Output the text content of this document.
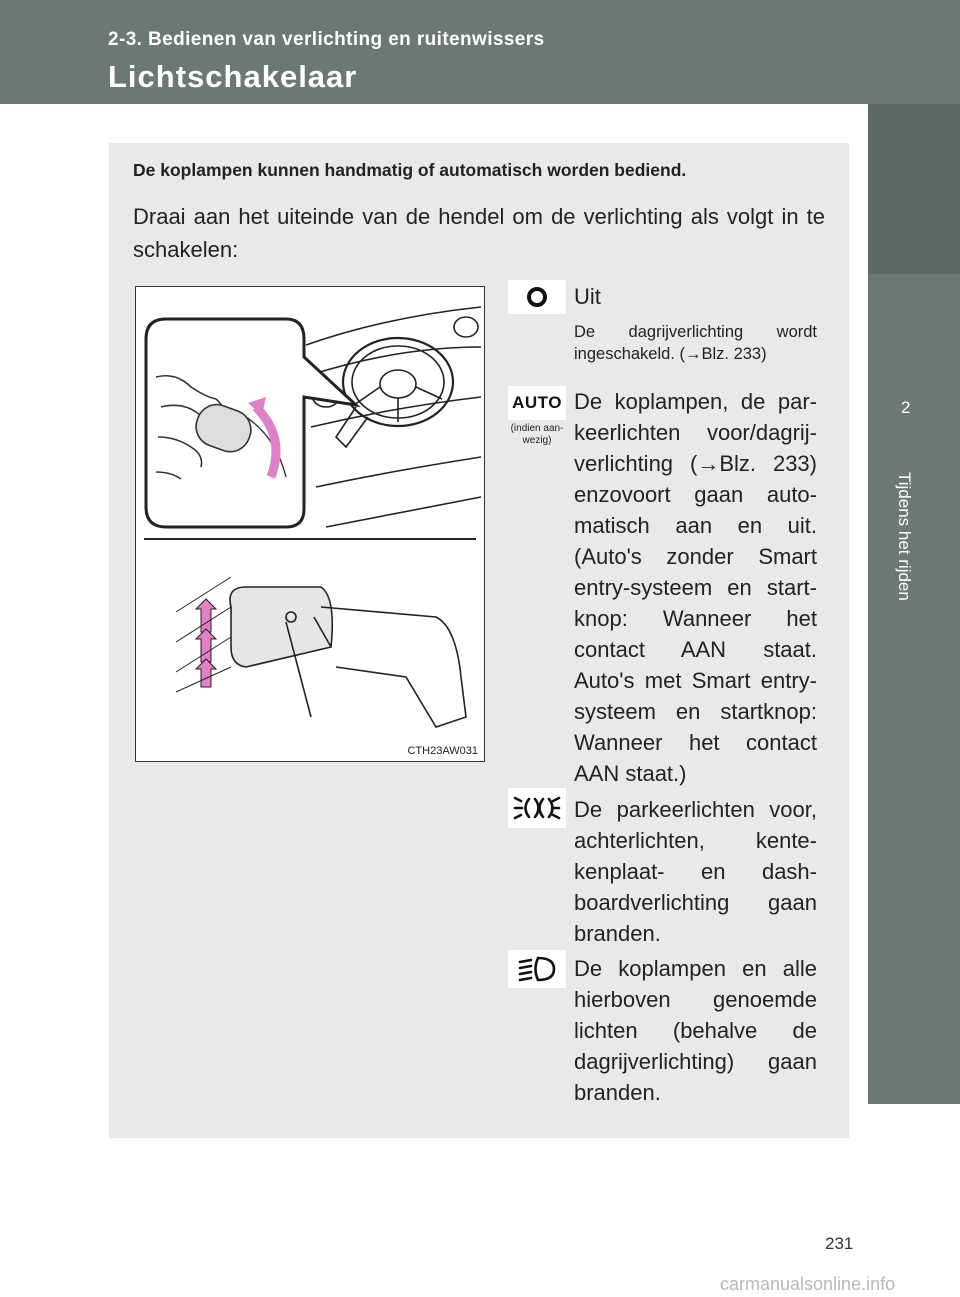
2-3. Bedienen van verlichting en ruitenwissers
Lichtschakelaar
2
Tijdens het rijden
De koplampen kunnen handmatig of automatisch worden bediend.
Draai aan het uiteinde van de hendel om de verlichting als volgt in te schakelen:
CTH23AW031
Uit
De dagrijverlichting wordt ingeschakeld. (→Blz. 233)
AUTO
(indien aan-wezig)
De koplampen, de par-keerlichten voor/dagrij-verlichting (→Blz. 233) enzovoort gaan auto-matisch aan en uit. (Auto's zonder Smart entry-systeem en start-knop: Wanneer het contact AAN staat. Auto's met Smart entry-systeem en startknop: Wanneer het contact AAN staat.)
De parkeerlichten voor, achterlichten, kente-kenplaat- en dash-boardverlichting gaan branden.
De koplampen en alle hierboven genoemde lichten (behalve de dagrijverlichting) gaan branden.
231
carmanualsonline.info
